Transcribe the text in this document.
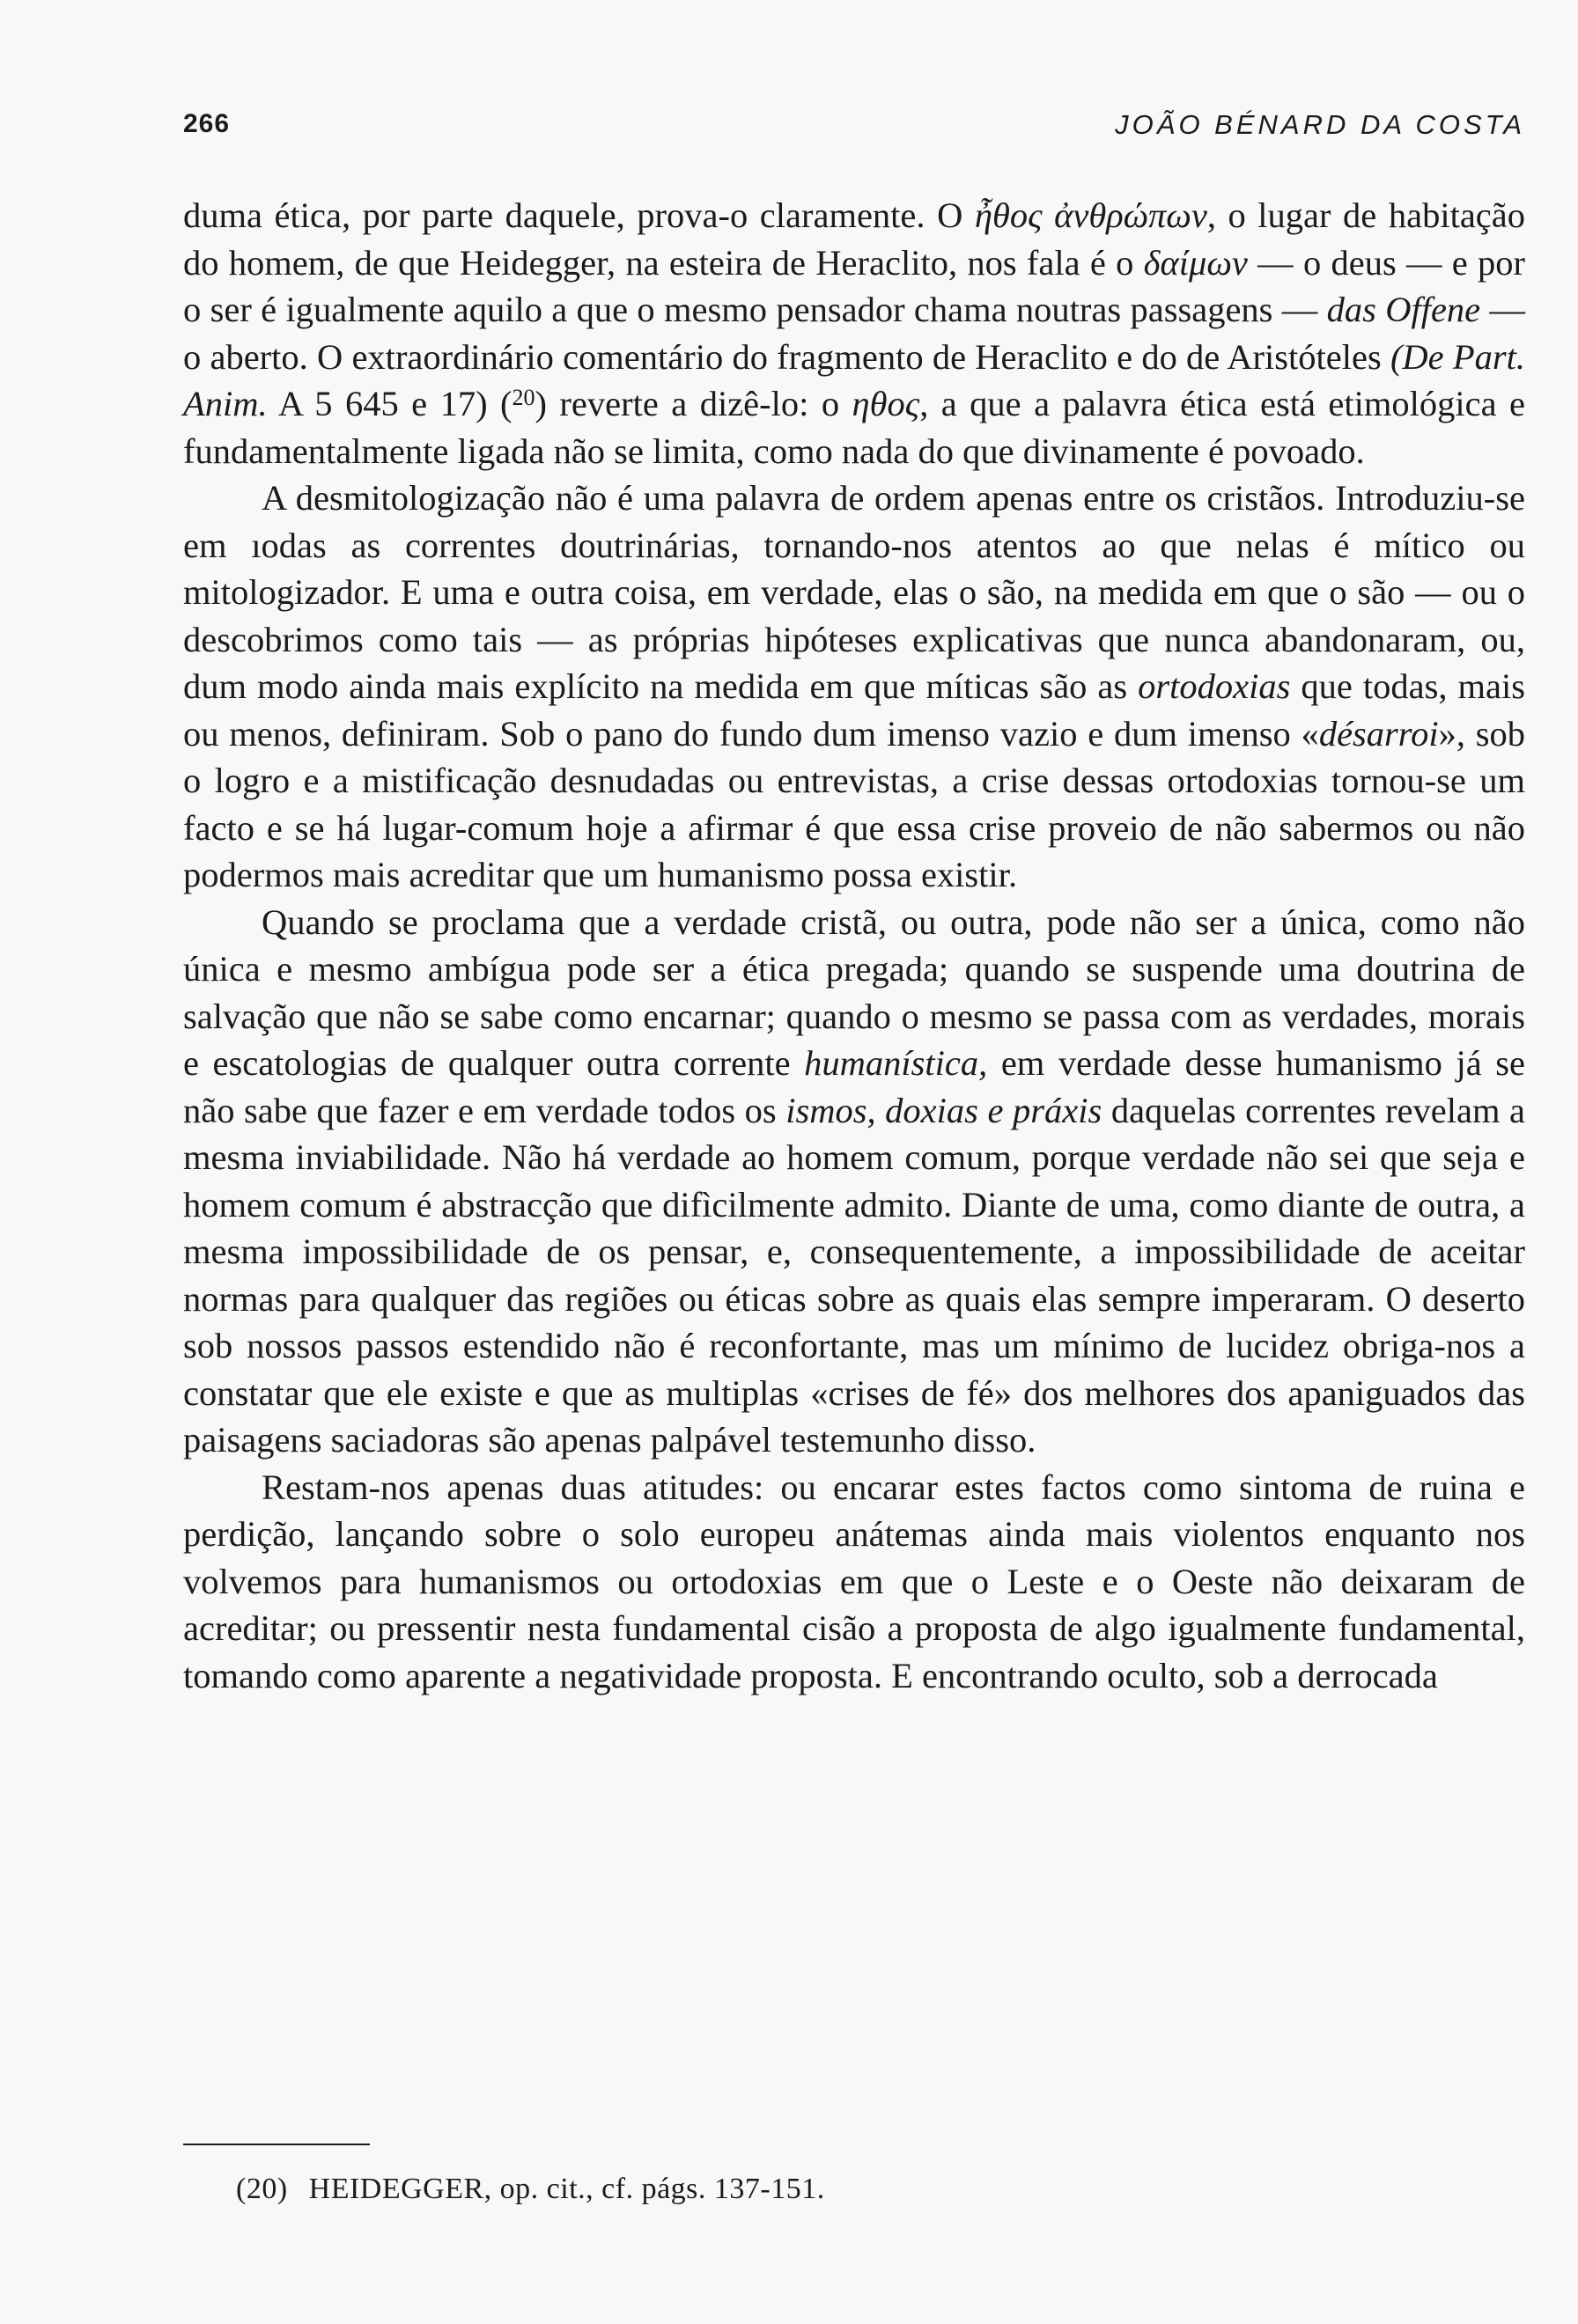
266	JOÃO BÉNARD DA COSTA

duma ética, por parte daquele, prova-o claramente. O ἦθος ἀνθρώπων, o lugar de habitação do homem, de que Heidegger, na esteira de Heraclito, nos fala é o δαίμων — o deus — e por o ser é igualmente aquilo a que o mesmo pensador chama noutras passagens — das Offene — o aberto. O extraordinário comentário do fragmento de Heraclito e do de Aristóteles (De Part. Anim. A 5 645 e 17) ($^{20}$) reverte a dizê-lo: o ηθος, a que a palavra ética está etimológica e fundamentalmente ligada não se limita, como nada do que divinamente é povoado.

A desmitologização não é uma palavra de ordem apenas entre os cristãos. Introduziu-se em ıodas as correntes doutrinárias, tornando-nos atentos ao que nelas é mítico ou mitologizador. E uma e outra coisa, em verdade, elas o são, na medida em que o são — ou o descobrimos como tais — as próprias hipóteses explicativas que nunca abandonaram, ou, dum modo ainda mais explícito na medida em que míticas são as ortodoxias que todas, mais ou menos, definiram. Sob o pano do fundo dum imenso vazio e dum imenso «désarroi», sob o logro e a mistificação desnudadas ou entrevistas, a crise dessas ortodoxias tornou-se um facto e se há lugar-comum hoje a afirmar é que essa crise proveio de não sabermos ou não podermos mais acreditar que um humanismo possa existir.

Quando se proclama que a verdade cristã, ou outra, pode não ser a única, como não única e mesmo ambígua pode ser a ética pregada; quando se suspende uma doutrina de salvação que não se sabe como encarnar; quando o mesmo se passa com as verdades, morais e escatologias de qualquer outra corrente humanística, em verdade desse humanismo já se não sabe que fazer e em verdade todos os ismos, doxias e práxis daquelas correntes revelam a mesma inviabilidade. Não há verdade ao homem comum, porque verdade não sei que seja e homem comum é abstracção que difìcilmente admito. Diante de uma, como diante de outra, a mesma impossibilidade de os pensar, e, consequentemente, a impossibilidade de aceitar normas para qualquer das regiões ou éticas sobre as quais elas sempre imperaram. O deserto sob nossos passos estendido não é reconfortante, mas um mínimo de lucidez obriga-nos a constatar que ele existe e que as multiplas «crises de fé» dos melhores dos apaniguados das paisagens saciadoras são apenas palpável testemunho disso.

Restam-nos apenas duas atitudes: ou encarar estes factos como sintoma de ruina e perdição, lançando sobre o solo europeu anátemas ainda mais violentos enquanto nos volvemos para humanismos ou ortodoxias em que o Leste e o Oeste não deixaram de acreditar; ou pressentir nesta fundamental cisão a proposta de algo igualmente fundamental, tomando como aparente a negatividade proposta. E encontrando oculto, sob a derrocada

(20) HEIDEGGER, op. cit., cf. págs. 137-151.
